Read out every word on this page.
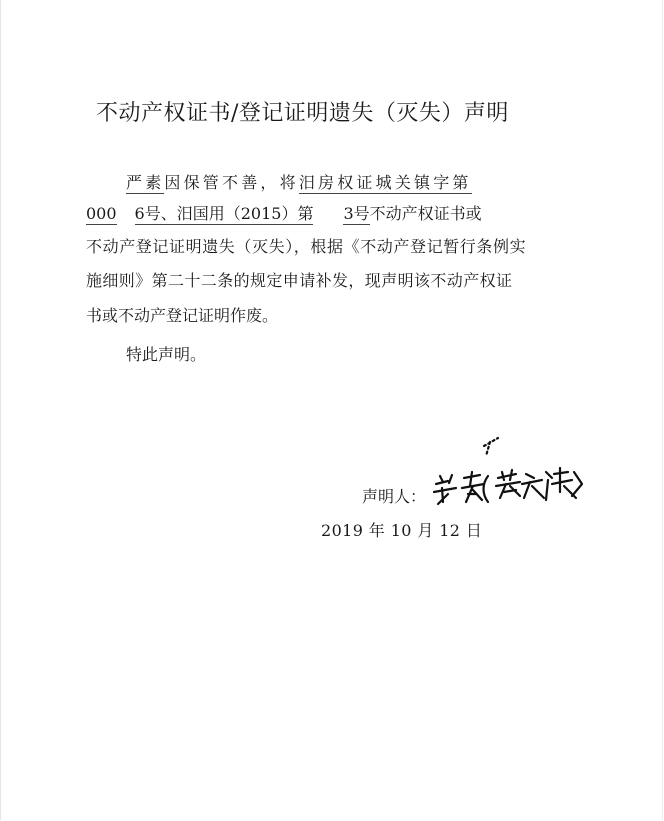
不动产权证书/登记证明遗失（灭失）声明
严素因保管不善，将汨房权证城关镇字第
000 6号、汨国用（2015）第 3号不动产权证书或
不动产登记证明遗失（灭失），根据《不动产登记暂行条例实
施细则》第二十二条的规定申请补发，现声明该不动产权证
书或不动产登记证明作废。
特此声明。
声明人：
2019 年 10 月 12 日
